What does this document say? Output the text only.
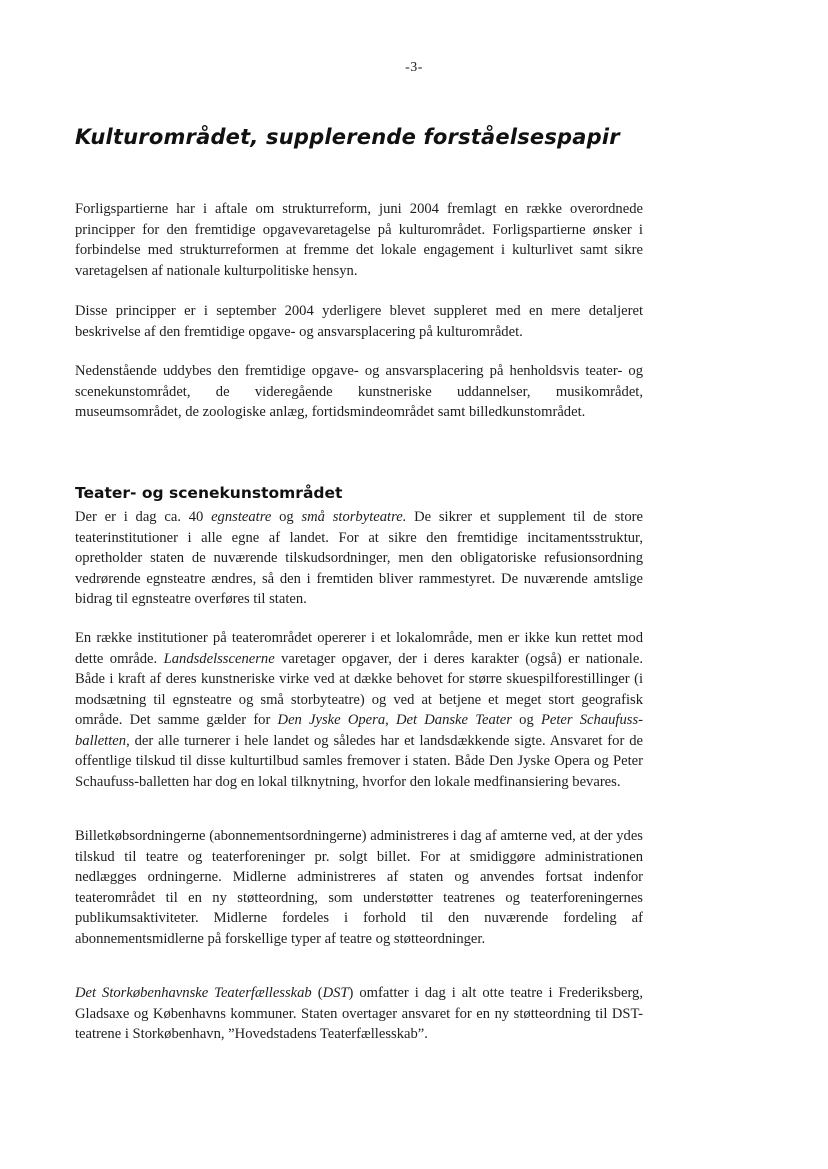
-3-
Kulturområdet, supplerende forståelsespapir

Forligspartierne har i aftale om strukturreform, juni 2004 fremlagt en række overordnede principper for den fremtidige opgavevaretagelse på kulturområdet. Forligspartierne ønsker i forbindelse med strukturreformen at fremme det lokale engagement i kulturlivet samt sikre varetagelsen af nationale kulturpolitiske hensyn.

Disse principper er i september 2004 yderligere blevet suppleret med en mere detaljeret beskrivelse af den fremtidige opgave- og ansvarsplacering på kulturområdet.

Nedenstående uddybes den fremtidige opgave- og ansvarsplacering på henholdsvis teater- og scenekunstområdet, de videregående kunstneriske uddannelser, musikområdet, museumsområdet, de zoologiske anlæg, fortidsmindeområdet samt billedkunstområdet.

Teater- og scenekunstområdet

Der er i dag ca. 40 egnsteatre og små storbyteatre. De sikrer et supplement til de store teaterinstitutioner i alle egne af landet. For at sikre den fremtidige incitamentsstruktur, opretholder staten de nuværende tilskudsordninger, men den obligatoriske refusionsordning vedrørende egnsteatre ændres, så den i fremtiden bliver rammestyret. De nuværende amtslige bidrag til egnsteatre overføres til staten.

En række institutioner på teaterområdet opererer i et lokalområde, men er ikke kun rettet mod dette område. Landsdelsscenerne varetager opgaver, der i deres karakter (også) er nationale. Både i kraft af deres kunstneriske virke ved at dække behovet for større skuespilforestillinger (i modsætning til egnsteatre og små storbyteatre) og ved at betjene et meget stort geografisk område. Det samme gælder for Den Jyske Opera, Det Danske Teater og Peter Schaufuss-balletten, der alle turnerer i hele landet og således har et landsdækkende sigte. Ansvaret for de offentlige tilskud til disse kulturtilbud samles fremover i staten. Både Den Jyske Opera og Peter Schaufuss-balletten har dog en lokal tilknytning, hvorfor den lokale medfinansiering bevares.

Billetkøbsordningerne (abonnementsordningerne) administreres i dag af amterne ved, at der ydes tilskud til teatre og teaterforeninger pr. solgt billet. For at smidiggøre administrationen nedlægges ordningerne. Midlerne administreres af staten og anvendes fortsat indenfor teaterområdet til en ny støtteordning, som understøtter teatrenes og teaterforeningernes publikumsaktiviteter. Midlerne fordeles i forhold til den nuværende fordeling af abonnementsmidlerne på forskellige typer af teatre og støtteordninger.

Det Storkøbenhavnske Teaterfællesskab (DST) omfatter i dag i alt otte teatre i Frederiksberg, Gladsaxe og Københavns kommuner. Staten overtager ansvaret for en ny støtteordning til DST-teatrene i Storkøbenhavn, ”Hovedstadens Teaterfællesskab”.
